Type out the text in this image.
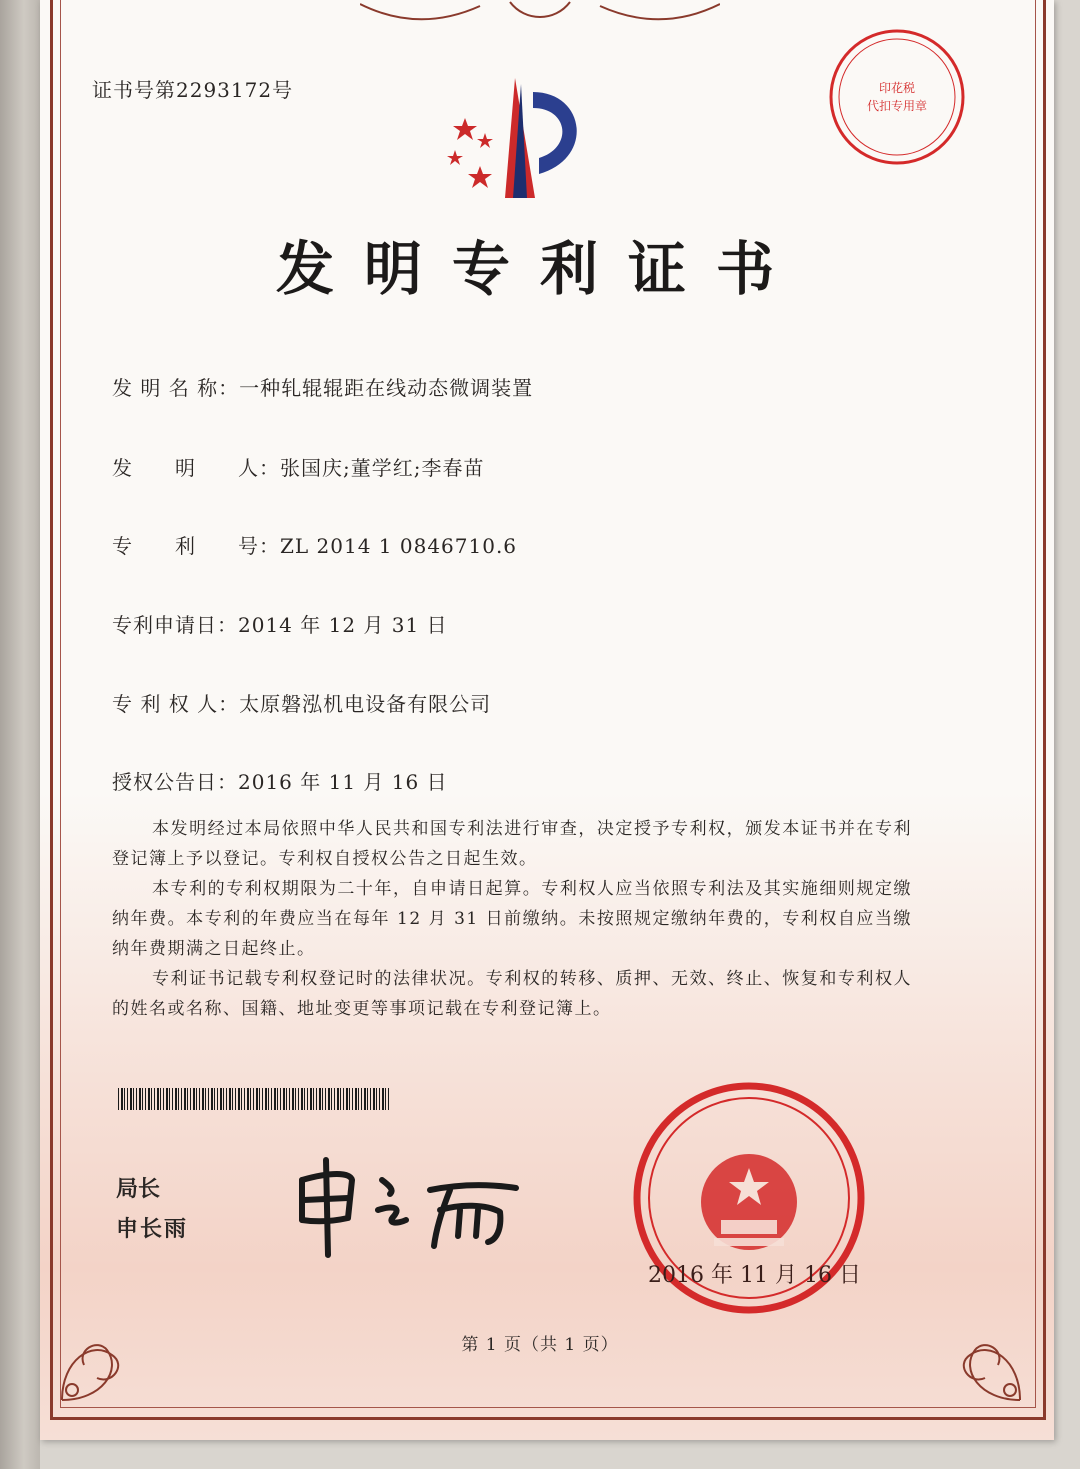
证书号第2293172号	印花税
代扣专用章
发明专利证书
发 明 名 称：一种轧辊辊距在线动态微调装置
发　　明　　人：张国庆;董学红;李春苗
专　　利　　号：ZL 2014 1 0846710.6
专利申请日：2014 年 12 月 31 日
专 利 权 人：太原磐泓机电设备有限公司
授权公告日：2016 年 11 月 16 日

本发明经过本局依照中华人民共和国专利法进行审查，决定授予专利权，颁发本证书并在专利登记簿上予以登记。专利权自授权公告之日起生效。

本专利的专利权期限为二十年，自申请日起算。专利权人应当依照专利法及其实施细则规定缴纳年费。本专利的年费应当在每年 12 月 31 日前缴纳。未按照规定缴纳年费的，专利权自应当缴纳年费期满之日起终止。

专利证书记载专利权登记时的法律状况。专利权的转移、质押、无效、终止、恢复和专利权人的姓名或名称、国籍、地址变更等事项记载在专利登记簿上。

局长
申长雨
2016 年 11 月 16 日
第 1 页（共 1 页）
